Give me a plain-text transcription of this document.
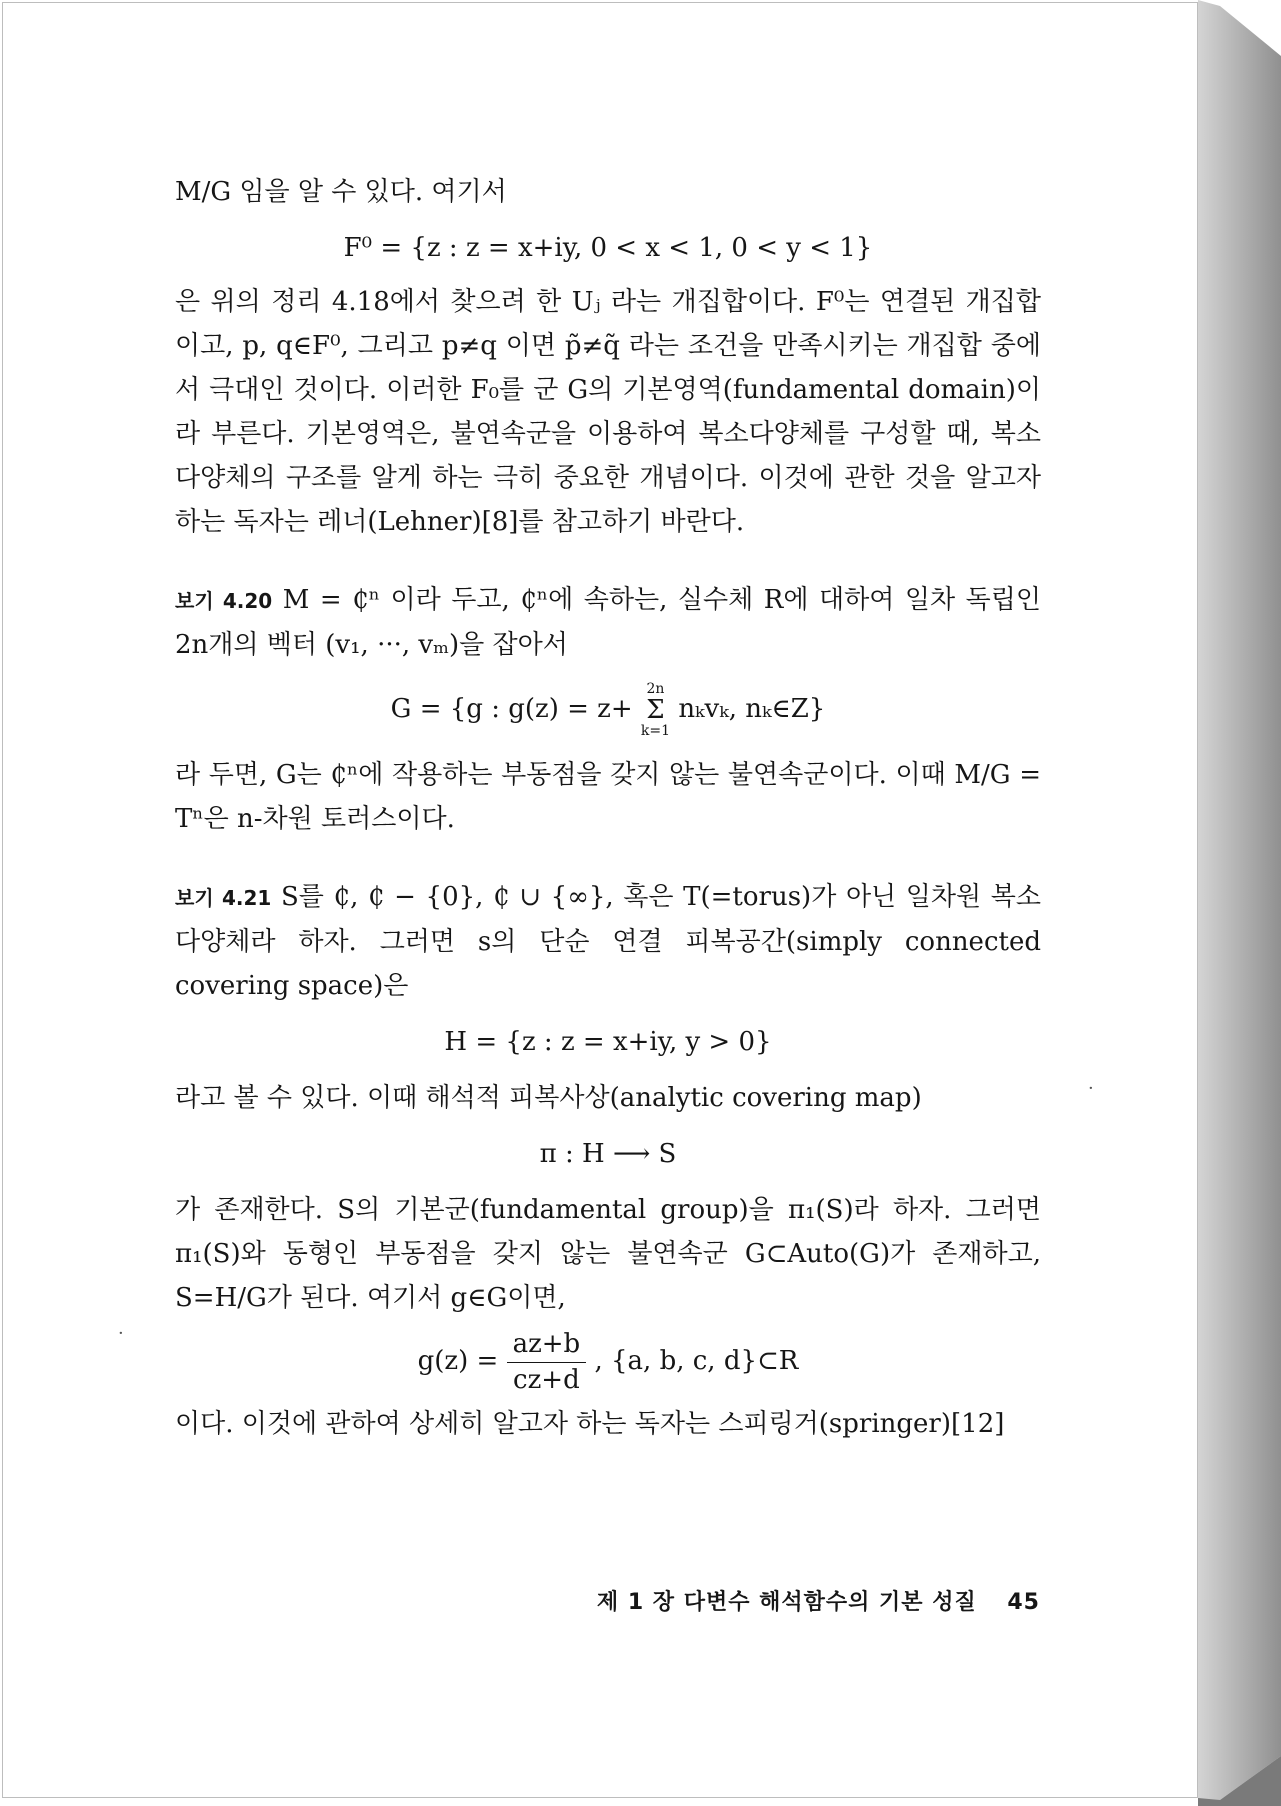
·
·

M/G 임을 알 수 있다. 여기서

F⁰ = {z : z = x+iy, 0 < x < 1, 0 < y < 1}

은 위의 정리 4.18에서 찾으려 한 Uⱼ 라는 개집합이다. F⁰는 연결된 개집합이고, p, q∈F⁰, 그리고 p≠q 이면 p̃≠q̃ 라는 조건을 만족시키는 개집합 중에서 극대인 것이다. 이러한 F₀를 군 G의 기본영역(fundamental domain)이라 부른다. 기본영역은, 불연속군을 이용하여 복소다양체를 구성할 때, 복소다양체의 구조를 알게 하는 극히 중요한 개념이다. 이것에 관한 것을 알고자 하는 독자는 레너(Lehner)[8]를 참고하기 바란다.

보기 4.20 M = ₵ⁿ 이라 두고, ₵ⁿ에 속하는, 실수체 R에 대하여 일차 독립인 2n개의 벡터 (v₁, ···, vₘ)을 잡아서

G = {g : g(z) = z+
2n
Σ
k=1
nₖvₖ, nₖ∈Z}

라 두면, G는 ₵ⁿ에 작용하는 부동점을 갖지 않는 불연속군이다. 이때 M/G = Tⁿ은 n-차원 토러스이다.

보기 4.21 S를 ₵, ₵ − {0}, ₵ ∪ {∞}, 혹은 T(=torus)가 아닌 일차원 복소다양체라 하자. 그러면 s의 단순 연결 피복공간(simply connected covering space)은

H = {z : z = x+iy, y > 0}

라고 볼 수 있다. 이때 해석적 피복사상(analytic covering map)

π : H ⟶ S

가 존재한다. S의 기본군(fundamental group)을 π₁(S)라 하자. 그러면 π₁(S)와 동형인 부동점을 갖지 않는 불연속군 G⊂Auto(G)가 존재하고, S=H/G가 된다. 여기서 g∈G이면,

$g(z) = \frac{az+b}{cz+d}$ , {a, b, c, d}⊂R

이다. 이것에 관하여 상세히 알고자 하는 독자는 스피링거(springer)[12]

제 1 장 다변수 해석함수의 기본 성질 45
